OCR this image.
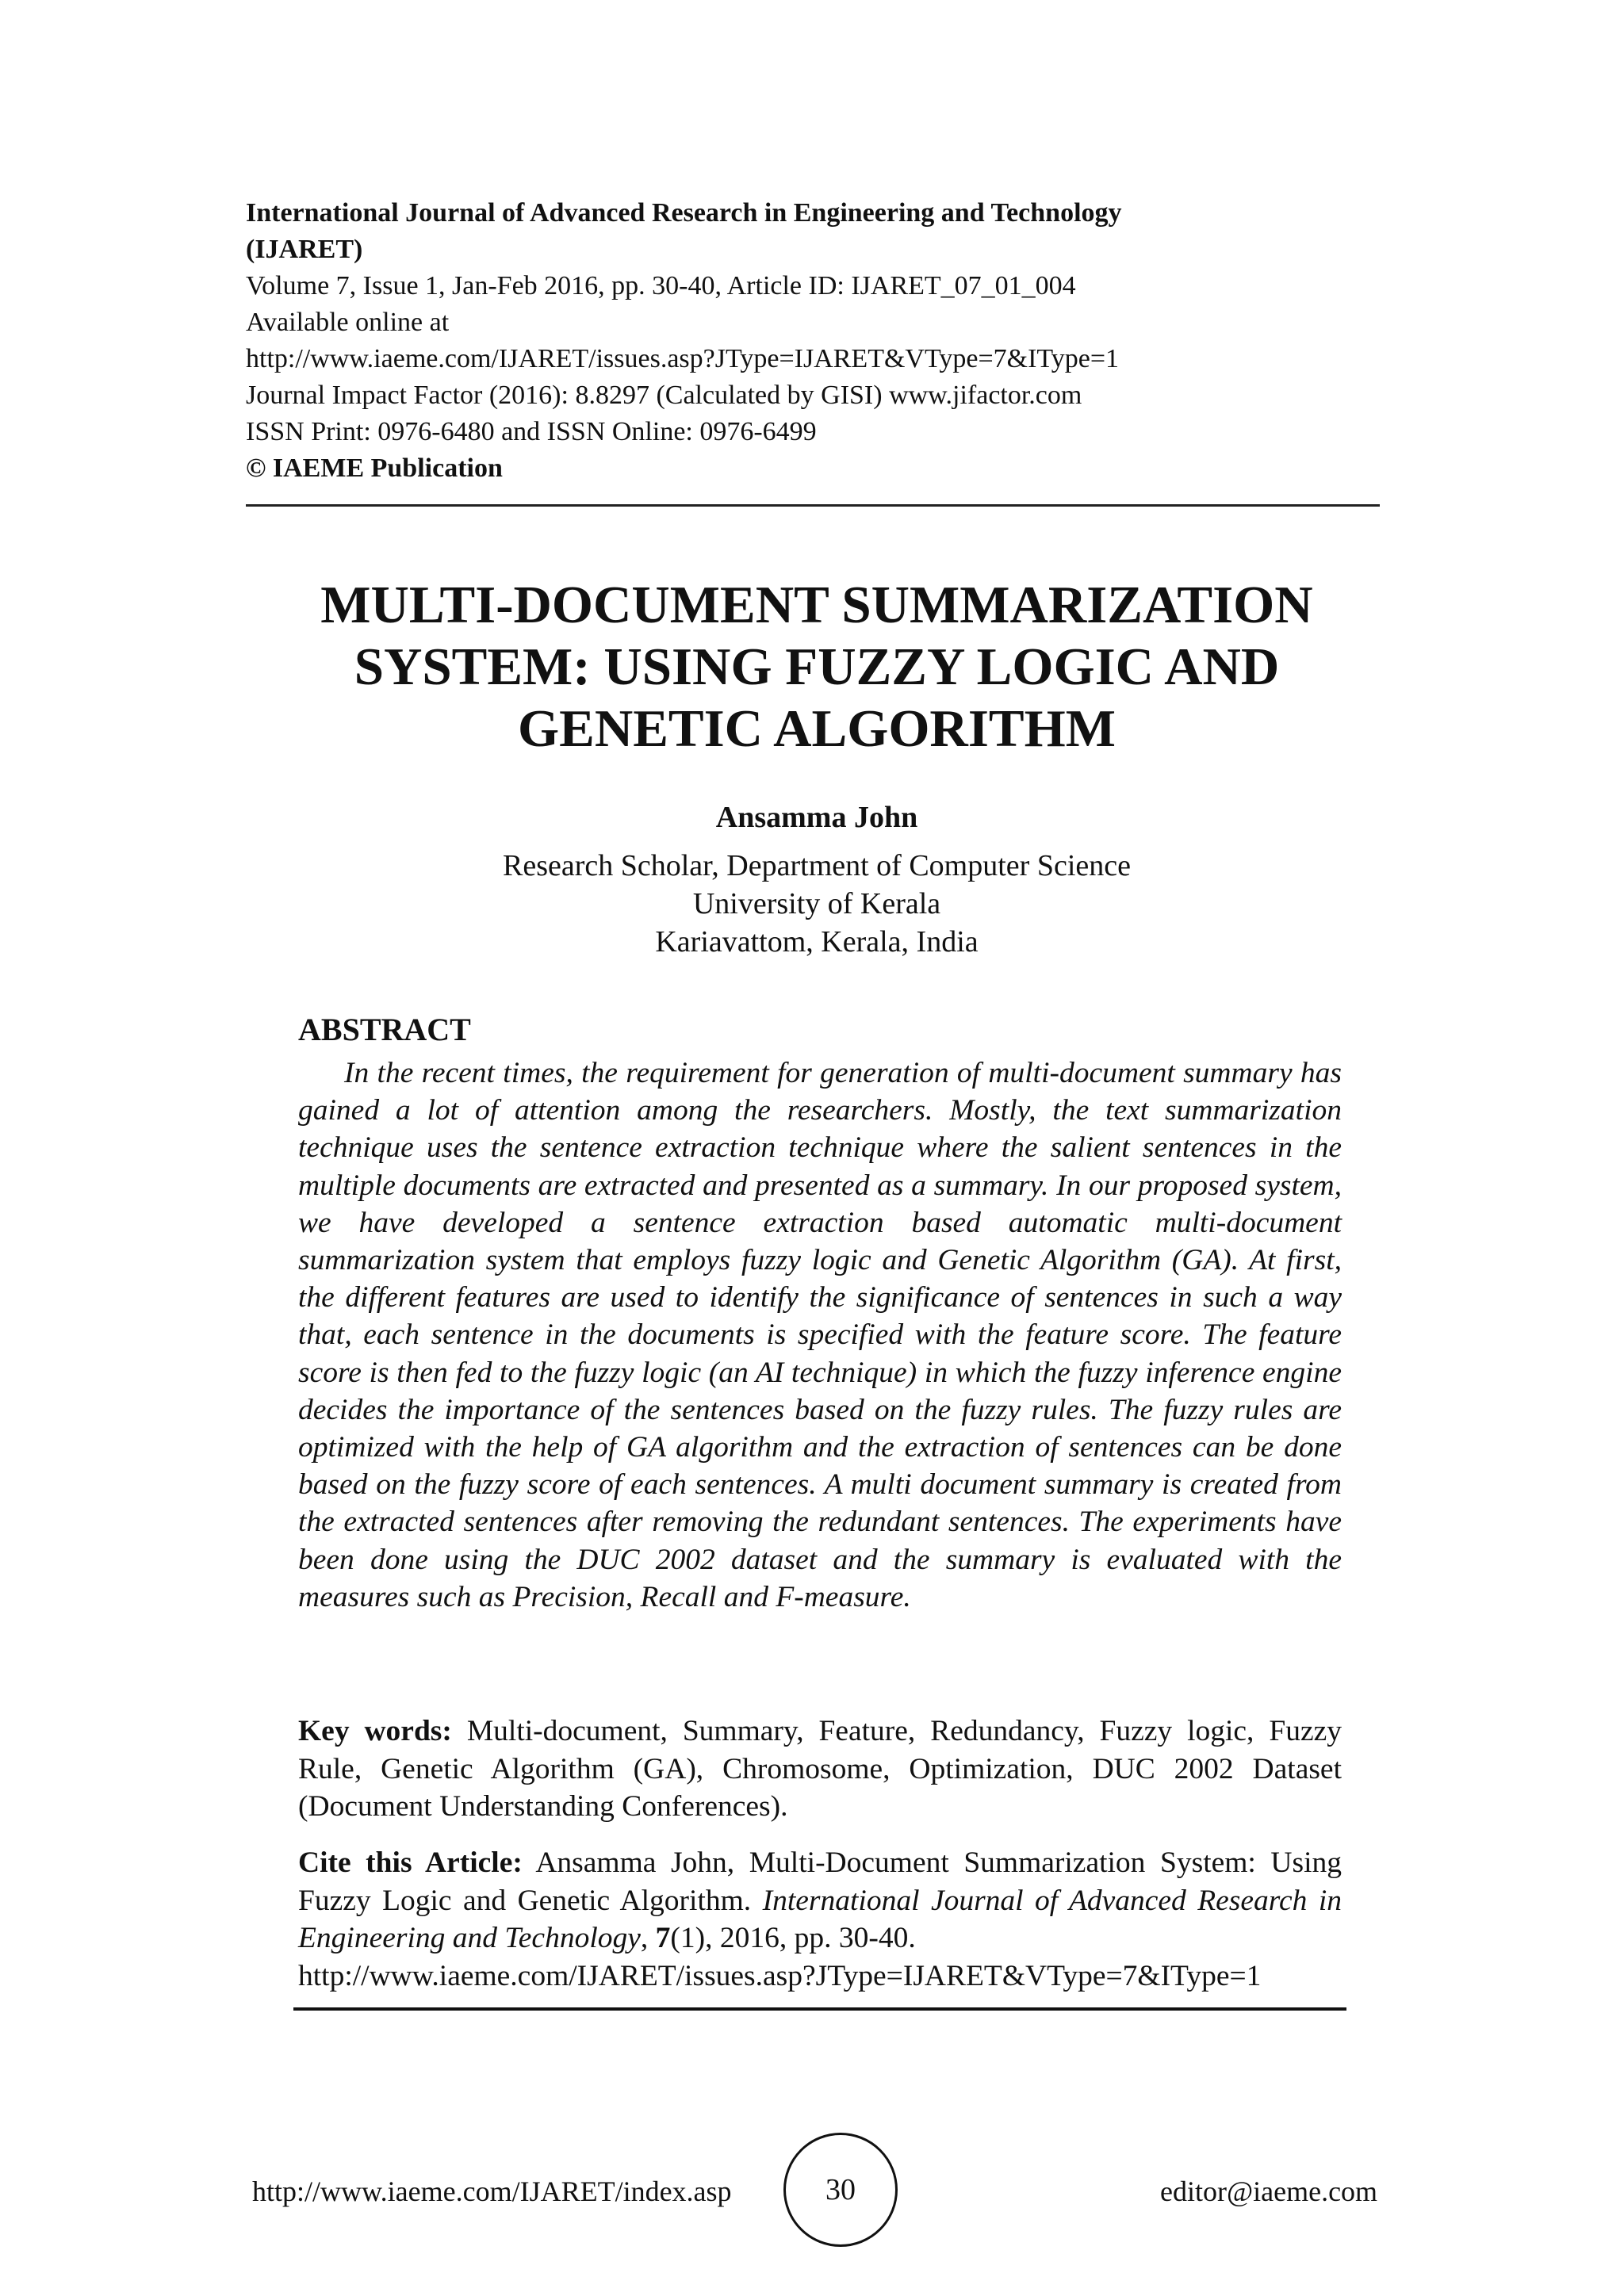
International Journal of Advanced Research in Engineering and Technology
(IJARET)
Volume 7, Issue 1, Jan-Feb 2016, pp. 30-40, Article ID: IJARET_07_01_004
Available online at
http://www.iaeme.com/IJARET/issues.asp?JType=IJARET&VType=7&IType=1
Journal Impact Factor (2016): 8.8297 (Calculated by GISI) www.jifactor.com
ISSN Print: 0976-6480 and ISSN Online: 0976-6499
© IAEME Publication
MULTI-DOCUMENT SUMMARIZATION
SYSTEM: USING FUZZY LOGIC AND
GENETIC ALGORITHM
Ansamma John
Research Scholar, Department of Computer Science
University of Kerala
Kariavattom, Kerala, India
ABSTRACT

In the recent times, the requirement for generation of multi-document summary has gained a lot of attention among the researchers. Mostly, the text summarization technique uses the sentence extraction technique where the salient sentences in the multiple documents are extracted and presented as a summary. In our proposed system, we have developed a sentence extraction based automatic multi-document summarization system that employs fuzzy logic and Genetic Algorithm (GA). At first, the different features are used to identify the significance of sentences in such a way that, each sentence in the documents is specified with the feature score. The feature score is then fed to the fuzzy logic (an AI technique) in which the fuzzy inference engine decides the importance of the sentences based on the fuzzy rules. The fuzzy rules are optimized with the help of GA algorithm and the extraction of sentences can be done based on the fuzzy score of each sentences. A multi document summary is created from the extracted sentences after removing the redundant sentences. The experiments have been done using the DUC 2002 dataset and the summary is evaluated with the measures such as Precision, Recall and F-measure.

Key words: Multi-document, Summary, Feature, Redundancy, Fuzzy logic, Fuzzy Rule, Genetic Algorithm (GA), Chromosome, Optimization, DUC 2002 Dataset (Document Understanding Conferences).

Cite this Article: Ansamma John, Multi-Document Summarization System: Using Fuzzy Logic and Genetic Algorithm. International Journal of Advanced Research in Engineering and Technology, 7(1), 2016, pp. 30-40.
http://www.iaeme.com/IJARET/issues.asp?JType=IJARET&VType=7&IType=1

http://www.iaeme.com/IJARET/index.asp	30	editor@iaeme.com
